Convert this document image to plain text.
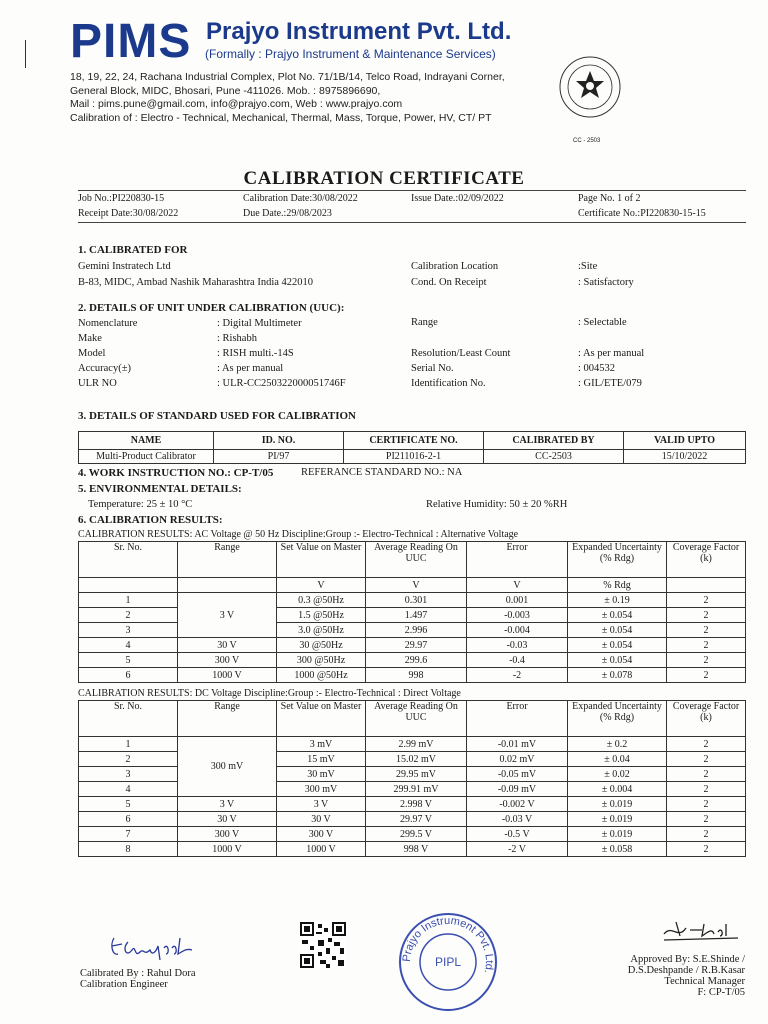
PIMS Prajyo Instrument Pvt. Ltd.
(Formally : Prajyo Instrument & Maintenance Services)
18, 19, 22, 24, Rachana Industrial Complex, Plot No. 71/1B/14, Telco Road, Indrayani Corner,
General Block, MIDC, Bhosari, Pune -411026. Mob. : 8975896690,
Mail : pims.pune@gmail.com, info@prajyo.com, Web : www.prajyo.com
Calibration of : Electro - Technical, Mechanical, Thermal, Mass, Torque, Power, HV, CT/ PT
CC - 2503
CALIBRATION CERTIFICATE
Job No.:PI220830-15	Calibration Date:30/08/2022	Issue Date.:02/09/2022	Page No. 1 of 2
Receipt Date:30/08/2022	Due Date.:29/08/2023	Certificate No.:PI220830-15-15
1. CALIBRATED FOR
Gemini Instratech Ltd
B-83, MIDC, Ambad Nashik Maharashtra India 422010
Calibration Location	:Site
Cond. On Receipt	: Satisfactory
2. DETAILS OF UNIT UNDER CALIBRATION (UUC):
Nomenclature	: Digital Multimeter
Make	: Rishabh
Model	: RISH multi.-14S
Accuracy(±)	: As per manual
ULR NO	: ULR-CC250322000051746F
Range	: Selectable
Resolution/Least Count	: As per manual
Serial No.	: 004532
Identification No.	: GIL/ETE/079
3. DETAILS OF STANDARD USED FOR CALIBRATION
NAME	ID. NO.	CERTIFICATE NO.	CALIBRATED BY	VALID UPTO
Multi-Product Calibrator	PI/97	PI211016-2-1	CC-2503	15/10/2022
4. WORK INSTRUCTION NO.: CP-T/05	REFERANCE STANDARD NO.: NA
5. ENVIRONMENTAL DETAILS:
Temperature: 25 ± 10 °C	Relative Humidity: 50 ± 20 %RH
6. CALIBRATION RESULTS:
CALIBRATION RESULTS: AC Voltage @ 50 Hz Discipline:Group :- Electro-Technical : Alternative Voltage
Sr. No.	Range	Set Value on Master	Average Reading On UUC	Error	Expanded Uncertainty (% Rdg)	Coverage Factor (k)
		V	V	V	% Rdg	
1	3 V	0.3 @50Hz	0.301	0.001	± 0.19	2
2		1.5 @50Hz	1.497	-0.003	± 0.054	2
3		3.0 @50Hz	2.996	-0.004	± 0.054	2
4	30 V	30 @50Hz	29.97	-0.03	± 0.054	2
5	300 V	300 @50Hz	299.6	-0.4	± 0.054	2
6	1000 V	1000 @50Hz	998	-2	± 0.078	2
CALIBRATION RESULTS: DC Voltage Discipline:Group :- Electro-Technical : Direct Voltage
Sr. No.	Range	Set Value on Master	Average Reading On UUC	Error	Expanded Uncertainty (% Rdg)	Coverage Factor (k)
1	300 mV	3 mV	2.99 mV	-0.01 mV	± 0.2	2
2		15 mV	15.02 mV	0.02 mV	± 0.04	2
3		30 mV	29.95 mV	-0.05 mV	± 0.02	2
4		300 mV	299.91 mV	-0.09 mV	± 0.004	2
5	3 V	3 V	2.998 V	-0.002 V	± 0.019	2
6	30 V	30 V	29.97 V	-0.03 V	± 0.019	2
7	300 V	300 V	299.5 V	-0.5 V	± 0.019	2
8	1000 V	1000 V	998 V	-2 V	± 0.058	2
Calibrated By : Rahul Dora
Calibration Engineer
Prajyo Instrument Pvt. Ltd.
PIPL	Approved By: S.E.Shinde /
D.S.Deshpande / R.B.Kasar
Technical Manager
F: CP-T/05
